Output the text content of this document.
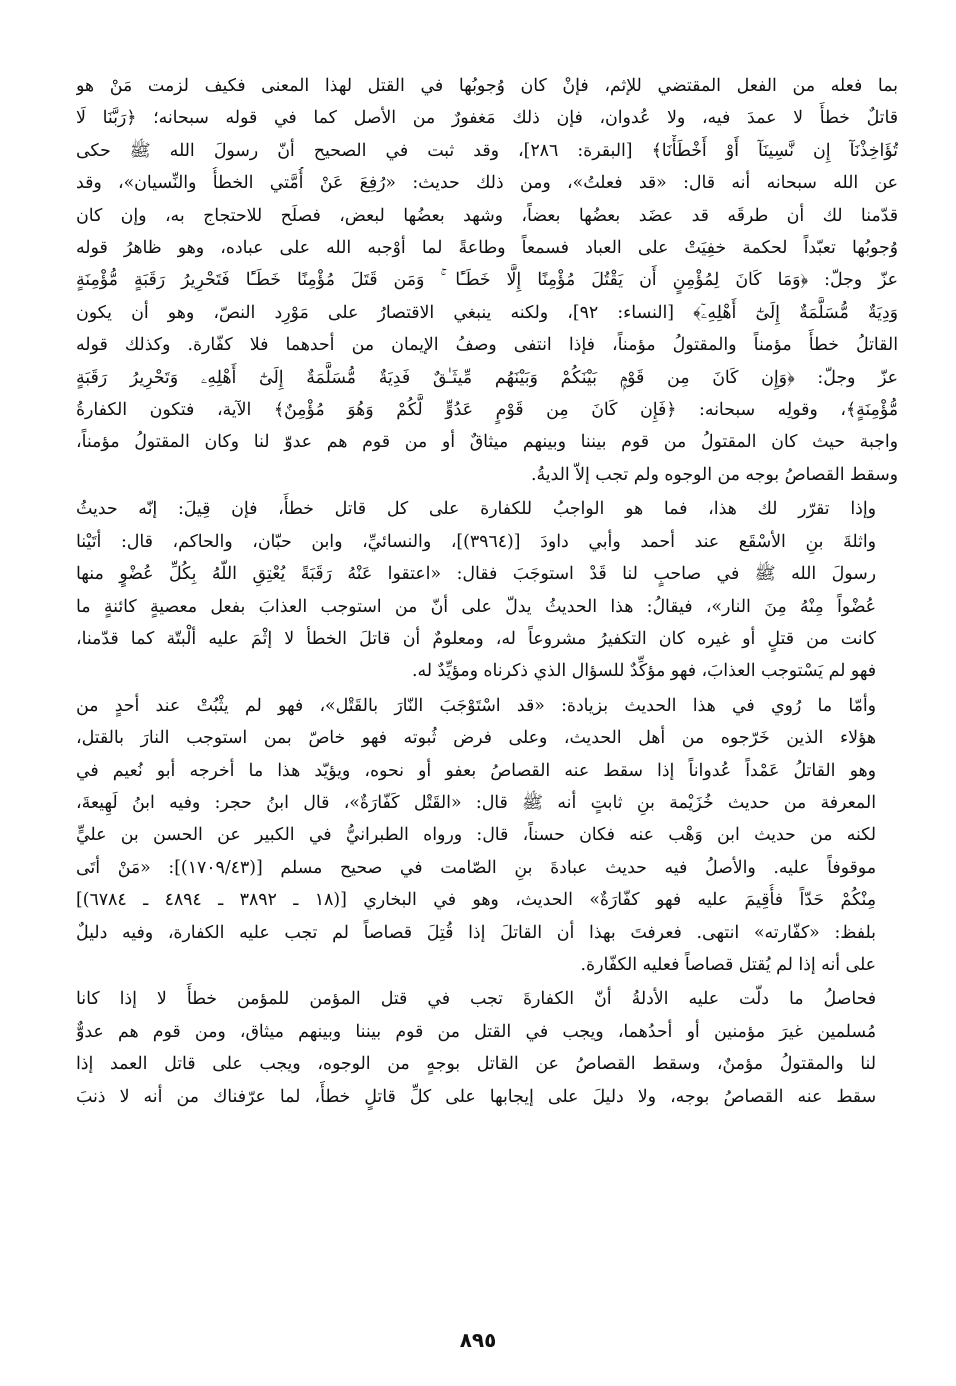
بما فعله من الفعل المقتضي للإثم، فإنْ كان وُجوبُها في القتل لهذا المعنى فكيف لزمت مَنْ هو
قاتلٌ خطأً لا عمدَ فيه، ولا عُدوان، فإن ذلك مَغفورٌ من الأصل كما في قوله سبحانه؛ ﴿رَبَّنَا لَا
تُؤَاخِذْنَآ إِن نَّسِينَآ أَوْ أَخْطَأْنَا﴾ [البقرة: ٢٨٦]، وقد ثبت في الصحيح أنّ رسولَ الله ﷺ حكى
عن الله سبحانه أنه قال: «قد فعلتُ»، ومن ذلك حديث: «رُفِعَ عَنْ أُمَّتي الخطأُ والنِّسيان»، وقد
قدّمنا لك أن طرقَه قد عضَد بعضُها بعضاً، وشهد بعضُها لبعض، فصلَح للاحتجاج به، وإن كان
وُجوبُها تعبّداً لحكمة خفِيَتْ على العباد فسمعاً وطاعةً لما أوْجبه الله على عباده، وهو ظاهرُ قوله
عزّ وجلّ: ﴿وَمَا كَانَ لِمُؤْمِنٍ أَن يَقْتُلَ مُؤْمِنًا إِلَّا خَطَـًٔا ۚ وَمَن قَتَلَ مُؤْمِنًا خَطَـًٔا فَتَحْرِيرُ رَقَبَةٍ مُّؤْمِنَةٍ
وَدِيَةٌ مُّسَلَّمَةٌ إِلَىٰٓ أَهْلِهِۦٓ﴾ [النساء: ٩٢]، ولكنه ينبغي الاقتصارُ على مَوْرِد النصّ، وهو أن يكون
القاتلُ خطأً مؤمناً والمقتولُ مؤمناً، فإذا انتفى وصفُ الإيمان من أحدهما فلا كفّارة. وكذلك قوله
عزّ وجلّ: ﴿وَإِن كَانَ مِن قَوْمٍۭ بَيْنَكُمْ وَبَيْنَهُم مِّيثَـٰقٌ فَدِيَةٌ مُّسَلَّمَةٌ إِلَىٰٓ أَهْلِهِۦ وَتَحْرِيرُ رَقَبَةٍ
مُّؤْمِنَةٍ﴾، وقولِه سبحانه: ﴿فَإِن كَانَ مِن قَوْمٍ عَدُوٍّ لَّكُمْ وَهُوَ مُؤْمِنٌ﴾ الآية، فتكون الكفارةُ
واجبة حيث كان المقتولُ من قوم بيننا وبينهم ميثاقٌ أو من قوم هم عدوّ لنا وكان المقتولُ مؤمناً،
وسقط القصاصُ بوجه من الوجوه ولم تجب إلاّ الديةُ.

وإذا تقرّر لك هذا، فما هو الواجبُ للكفارة على كل قاتل خطأً، فإن قِيلَ: إنّه حديثُ
واثلةَ بنِ الأسْقَع عند أحمد وأبي داودَ [(٣٩٦٤)]، والنسائيِّ، وابن حبّان، والحاكم، قال: أتَيْنا
رسولَ الله ﷺ في صاحبٍ لنا قَدْ استوجَبَ فقال: «اعتقوا عَنْهُ رَقَبَةً يُعْتِقِ اللّهُ بِكُلِّ عُضْوٍ منها
عُضْواً مِنْهُ مِنَ النار»، فيقالُ: هذا الحديثُ يدلّ على أنّ من استوجب العذابَ بفعل معصيةٍ كائنةٍ ما
كانت من قتلٍ أو غيره كان التكفيرُ مشروعاً له، ومعلومٌ أن قاتلَ الخطأ لا إثْمَ عليه ألْبتّة كما قدّمنا،
فهو لم يَسْتوجب العذابَ، فهو مؤكِّدٌ للسؤال الذي ذكرناه ومؤيِّدٌ له.

وأمّا ما رُوي في هذا الحديث بزيادة: «قد اسْتَوْجَبَ النّارَ بالقَتْل»، فهو لم يثْبُتْ عند أحدٍ من
هؤلاء الذين خَرّجوه من أهل الحديث، وعلى فرض ثُبوته فهو خاصّ بمن استوجب النارَ بالقتل،
وهو القاتلُ عَمْداً عُدواناً إذا سقط عنه القصاصُ بعفو أو نحوه، ويؤيّد هذا ما أخرجه أبو نُعيم في
المعرفة من حديث خُزَيْمة بنِ ثابتٍ أنه ﷺ قال: «القَتْل كَفّارَةٌ»، قال ابنُ حجر: وفيه ابنُ لَهِيعةَ،
لكنه من حديث ابن وَهْب عنه فكان حسناً، قال: ورواه الطبرانيُّ في الكبير عن الحسن بن عليٍّ
موقوفاً عليه. والأصلُ فيه حديث عبادةَ بنِ الصّامت في صحيح مسلم [(١٧٠٩/٤٣)]: «مَنْ أتَى
مِنْكُمْ حَدّاً فأُقِيمَ عليه فهو كفّارَةٌ» الحديث، وهو في البخاري [(١٨ ـ ٣٨٩٢ ـ ٤٨٩٤ ـ ٦٧٨٤)]
بلفظ: «كفّارته» انتهى. فعرفتَ بهذا أن القاتلَ إذا قُتِلَ قصاصاً لم تجب عليه الكفارة، وفيه دليلٌ
على أنه إذا لم يُقتل قصاصاً فعليه الكفّارة.

فحاصلُ ما دلّت عليه الأدلةُ أنّ الكفارةَ تجب في قتل المؤمن للمؤمن خطأً لا إذا كانا
مُسلمين غيرَ مؤمنين أو أحدُهما، ويجب في القتل من قوم بيننا وبينهم ميثاق، ومن قوم هم عدوٌّ
لنا والمقتولُ مؤمنٌ، وسقط القصاصُ عن القاتل بوجهٍ من الوجوه، ويجب على قاتل العمد إذا
سقط عنه القصاصُ بوجه، ولا دليلَ على إيجابها على كلِّ قاتلٍ خطأً، لما عرّفناك من أنه لا ذنبَ

٨٩٥
